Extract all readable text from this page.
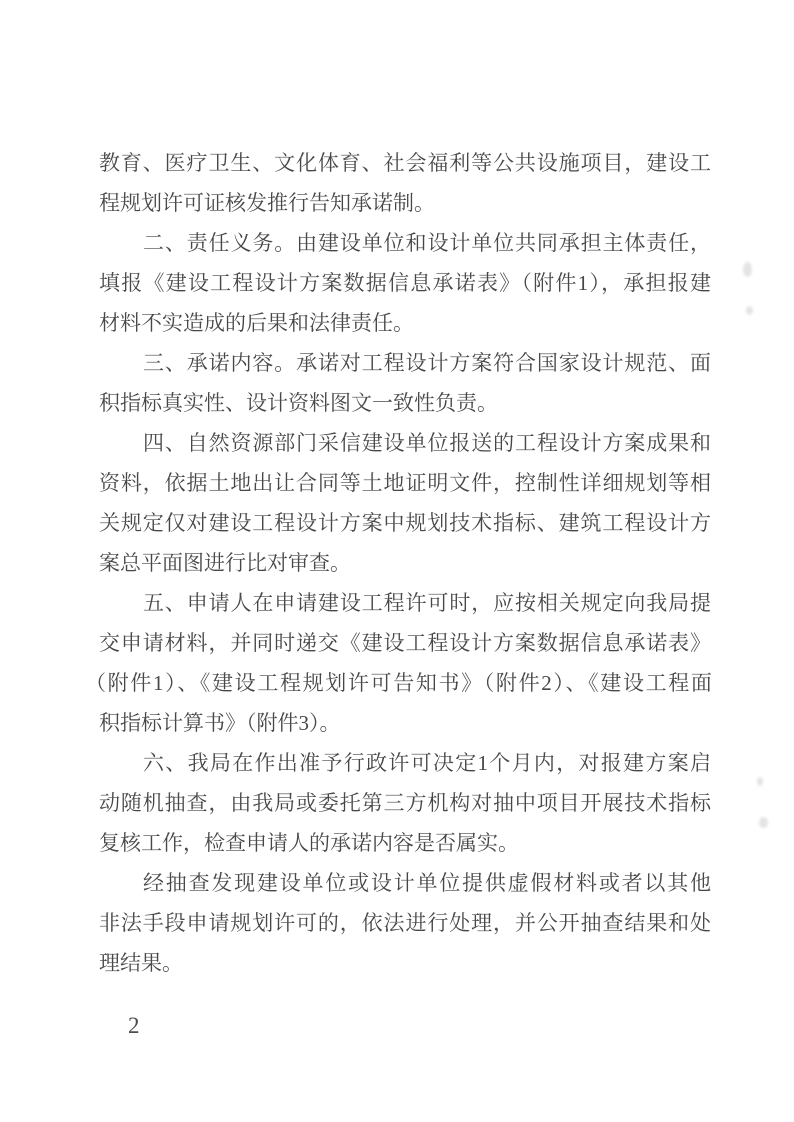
教育、医疗卫生、文化体育、社会福利等公共设施项目，建设工
程规划许可证核发推行告知承诺制。
二、责任义务。由建设单位和设计单位共同承担主体责任，
填报《建设工程设计方案数据信息承诺表》（附件1），承担报建
材料不实造成的后果和法律责任。
三、承诺内容。承诺对工程设计方案符合国家设计规范、面
积指标真实性、设计资料图文一致性负责。
四、自然资源部门采信建设单位报送的工程设计方案成果和
资料，依据土地出让合同等土地证明文件，控制性详细规划等相
关规定仅对建设工程设计方案中规划技术指标、建筑工程设计方
案总平面图进行比对审查。
五、申请人在申请建设工程许可时，应按相关规定向我局提
交申请材料，并同时递交《建设工程设计方案数据信息承诺表》
（附件1）、《建设工程规划许可告知书》（附件2）、《建设工程面
积指标计算书》（附件3）。
六、我局在作出准予行政许可决定1个月内，对报建方案启
动随机抽查，由我局或委托第三方机构对抽中项目开展技术指标
复核工作，检查申请人的承诺内容是否属实。
经抽查发现建设单位或设计单位提供虚假材料或者以其他
非法手段申请规划许可的，依法进行处理，并公开抽查结果和处
理结果。
2
